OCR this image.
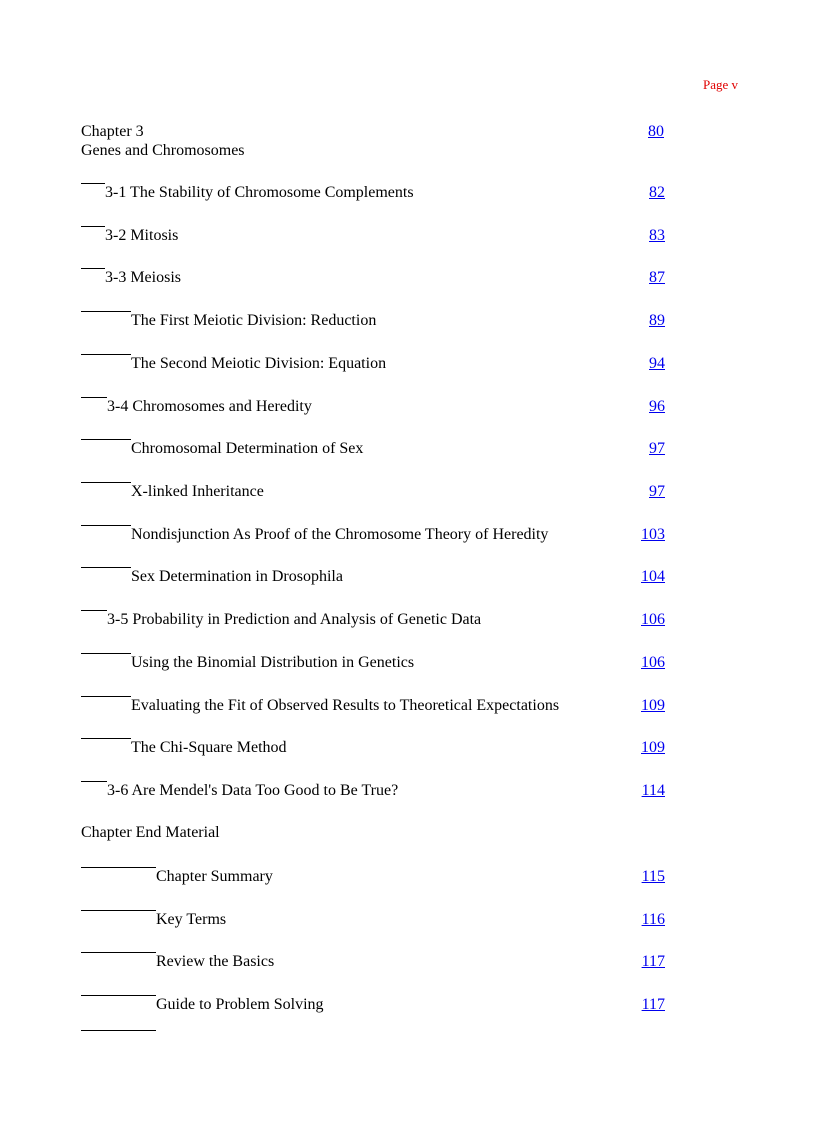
Page v
Chapter 3
Genes and Chromosomes
80
3-1 The Stability of Chromosome Complements	82
3-2 Mitosis	83
3-3 Meiosis	87
The First Meiotic Division: Reduction	89
The Second Meiotic Division: Equation	94
3-4 Chromosomes and Heredity	96
Chromosomal Determination of Sex	97
X-linked Inheritance	97
Nondisjunction As Proof of the Chromosome Theory of Heredity	103
Sex Determination in Drosophila	104
3-5 Probability in Prediction and Analysis of Genetic Data	106
Using the Binomial Distribution in Genetics	106
Evaluating the Fit of Observed Results to Theoretical Expectations	109
The Chi-Square Method	109
3-6 Are Mendel's Data Too Good to Be True?	114
Chapter End Material
Chapter Summary	115
Key Terms	116
Review the Basics	117
Guide to Problem Solving	117
